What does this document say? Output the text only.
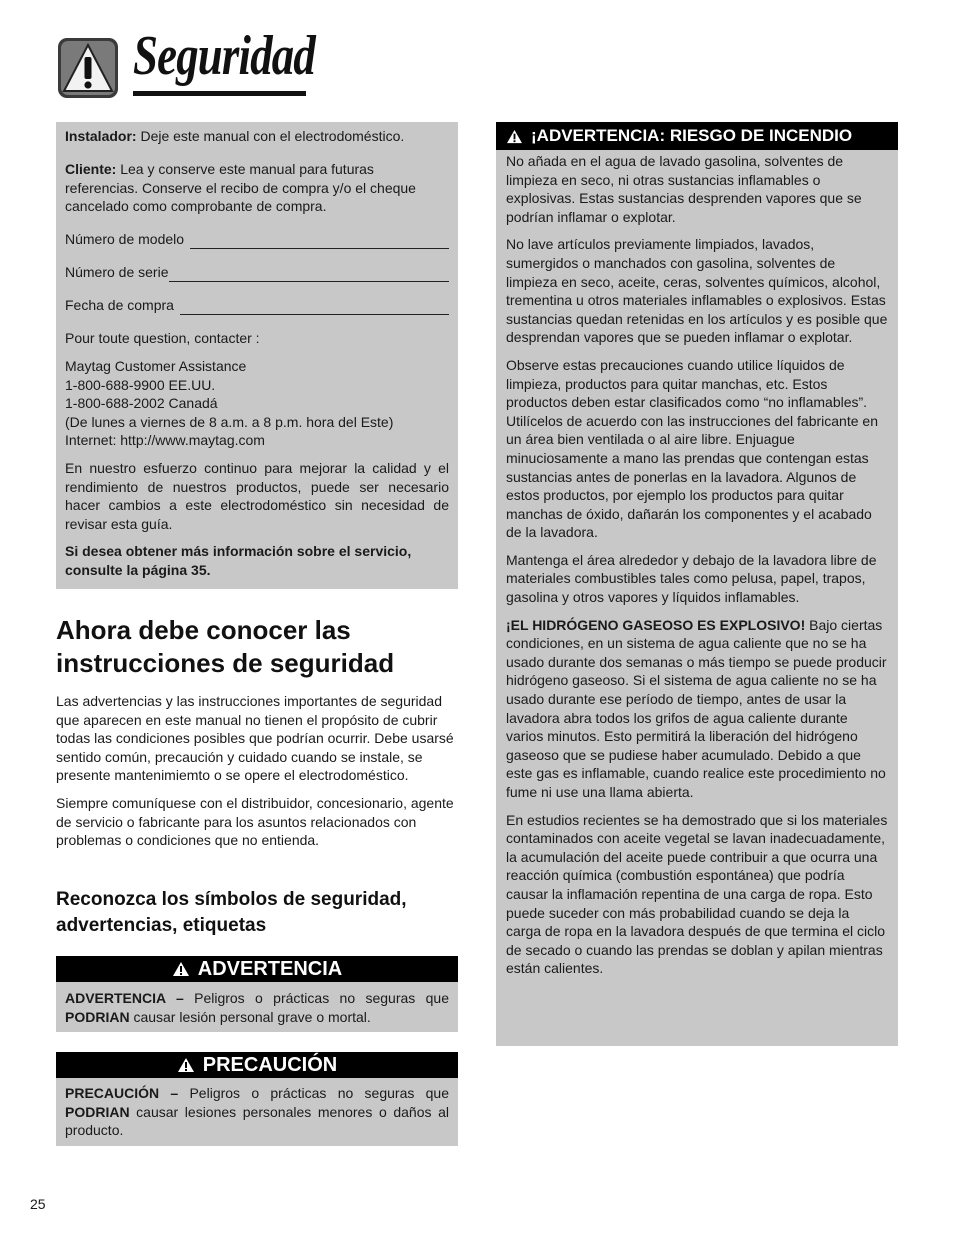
Seguridad
Instalador: Deje este manual con el electrodoméstico.
Cliente: Lea y conserve este manual para futuras referencias. Conserve el recibo de compra y/o el cheque cancelado como comprobante de compra.
Número de modelo
Número de serie
Fecha de compra
Pour toute question, contacter :
Maytag Customer Assistance
1-800-688-9900 EE.UU.
1-800-688-2002 Canadá
(De lunes a viernes de 8 a.m. a 8 p.m. hora del Este)
Internet: http://www.maytag.com
En nuestro esfuerzo continuo para mejorar la calidad y el rendimiento de nuestros productos, puede ser necesario hacer cambios a este electrodoméstico sin necesidad de revisar esta guía.
Si desea obtener más información sobre el servicio, consulte la página 35.
Ahora debe conocer las instrucciones de seguridad

Las advertencias y las instrucciones importantes de seguridad que aparecen en este manual no tienen el propósito de cubrir todas las condiciones posibles que podrían ocurrir. Debe usarsé sentido común, precaución y cuidado cuando se instale, se presente mantenimiemto o se opere el electrodoméstico.

Siempre comuníquese con el distribuidor, concesionario, agente de servicio o fabricante para los asuntos relacionados con problemas o condiciones que no entienda.

Reconozca los símbolos de seguridad, advertencias, etiquetas
ADVERTENCIA
ADVERTENCIA – Peligros o prácticas no seguras que PODRIAN causar lesión personal grave o mortal.
PRECAUCIÓN
PRECAUCIÓN – Peligros o prácticas no seguras que PODRIAN causar lesiones personales menores o daños al producto.
¡ADVERTENCIA: RIESGO DE INCENDIO

No añada en el agua de lavado gasolina, solventes de limpieza en seco, ni otras sustancias inflamables o explosivas. Estas sustancias desprenden vapores que se podrían inflamar o explotar.

No lave artículos previamente limpiados, lavados, sumergidos o manchados con gasolina, solventes de limpieza en seco, aceite, ceras, solventes químicos, alcohol, trementina u otros materiales inflamables o explosivos. Estas sustancias quedan retenidas en los artículos y es posible que desprendan vapores que se pueden inflamar o explotar.

Observe estas precauciones cuando utilice líquidos de limpieza, productos para quitar manchas, etc. Estos productos deben estar clasificados como “no inflamables”. Utilícelos de acuerdo con las instrucciones del fabricante en un área bien ventilada o al aire libre. Enjuague minuciosamente a mano las prendas que contengan estas sustancias antes de ponerlas en la lavadora. Algunos de estos productos, por ejemplo los productos para quitar manchas de óxido, dañarán los componentes y el acabado de la lavadora.

Mantenga el área alrededor y debajo de la lavadora libre de materiales combustibles tales como pelusa, papel, trapos, gasolina y otros vapores y líquidos inflamables.

¡EL HIDRÓGENO GASEOSO ES EXPLOSIVO! Bajo ciertas condiciones, en un sistema de agua caliente que no se ha usado durante dos semanas o más tiempo se puede producir hidrógeno gaseoso. Si el sistema de agua caliente no se ha usado durante ese período de tiempo, antes de usar la lavadora abra todos los grifos de agua caliente durante varios minutos. Esto permitirá la liberación del hidrógeno gaseoso que se pudiese haber acumulado. Debido a que este gas es inflamable, cuando realice este procedimiento no fume ni use una llama abierta.

En estudios recientes se ha demostrado que si los materiales contaminados con aceite vegetal se lavan inadecuadamente, la acumulación del aceite puede contribuir a que ocurra una reacción química (combustión espontánea) que podría causar la inflamación repentina de una carga de ropa. Esto puede suceder con más probabilidad cuando se deja la carga de ropa en la lavadora después de que termina el ciclo de secado o cuando las prendas se doblan y apilan mientras están calientes.

25
